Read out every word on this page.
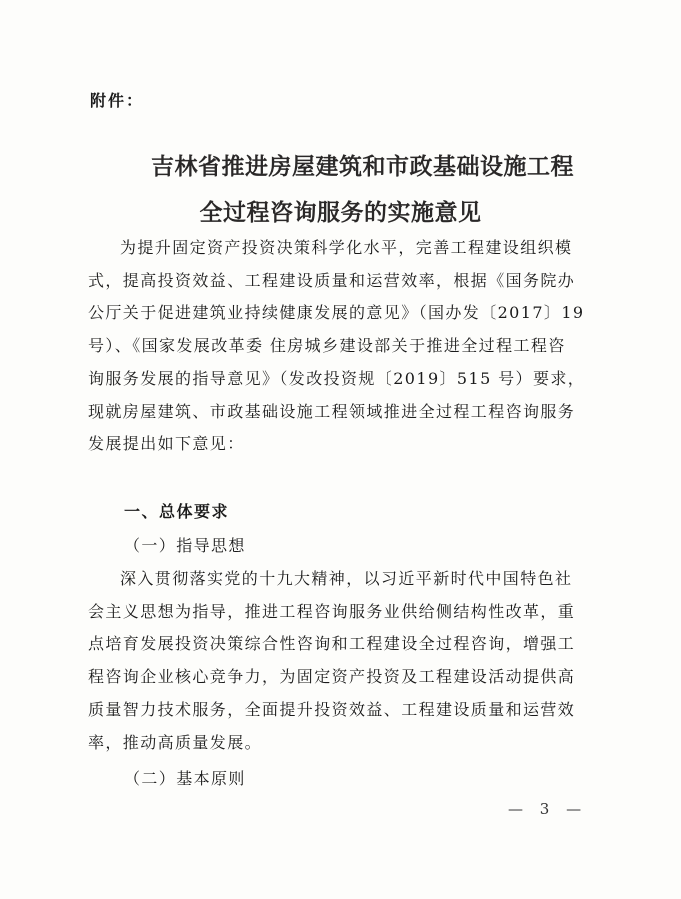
附件：
吉林省推进房屋建筑和市政基础设施工程
全过程咨询服务的实施意见
为提升固定资产投资决策科学化水平，完善工程建设组织模
式，提高投资效益、工程建设质量和运营效率，根据《国务院办
公厅关于促进建筑业持续健康发展的意见》（国办发〔2017〕19
号）、《国家发展改革委 住房城乡建设部关于推进全过程工程咨
询服务发展的指导意见》（发改投资规〔2019〕515 号）要求，
现就房屋建筑、市政基础设施工程领域推进全过程工程咨询服务
发展提出如下意见：
一、总体要求
（一）指导思想
深入贯彻落实党的十九大精神，以习近平新时代中国特色社
会主义思想为指导，推进工程咨询服务业供给侧结构性改革，重
点培育发展投资决策综合性咨询和工程建设全过程咨询，增强工
程咨询企业核心竞争力，为固定资产投资及工程建设活动提供高
质量智力技术服务，全面提升投资效益、工程建设质量和运营效
率，推动高质量发展。
（二）基本原则
— 3 —
